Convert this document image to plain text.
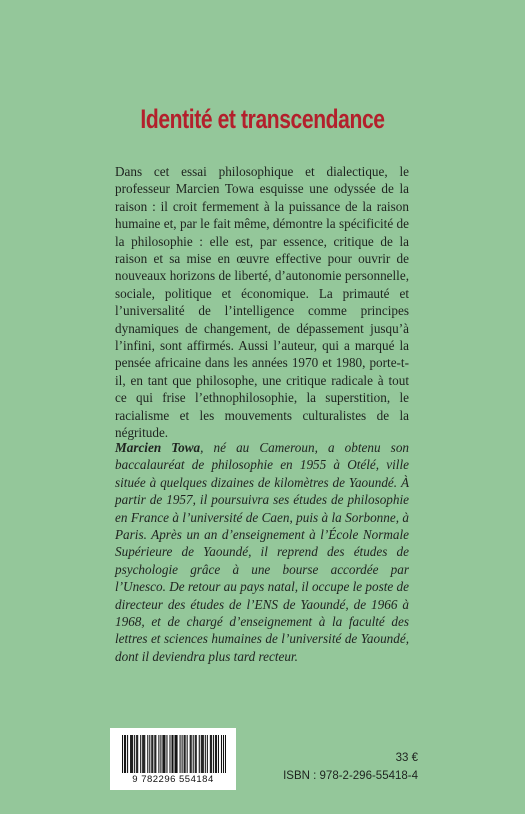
Identité et transcendance

Dans cet essai philosophique et dialectique, le professeur Marcien Towa esquisse une odyssée de la raison : il croit fermement à la puissance de la raison humaine et, par le fait même, démontre la spécificité de la philosophie : elle est, par essence, critique de la raison et sa mise en œuvre effective pour ouvrir de nouveaux horizons de liberté, d’autonomie personnelle, sociale, politique et économique. La primauté et l’universalité de l’intelligence comme principes dynamiques de changement, de dépassement jusqu’à l’infini, sont affirmés. Aussi l’auteur, qui a marqué la pensée africaine dans les années 1970 et 1980, porte-t-il, en tant que philosophe, une critique radicale à tout ce qui frise l’ethnophilosophie, la superstition, le racialisme et les mouvements culturalistes de la négritude.

Marcien Towa, né au Cameroun, a obtenu son baccalauréat de philosophie en 1955 à Otélé, ville située à quelques dizaines de kilomètres de Yaoundé. À partir de 1957, il poursuivra ses études de philosophie en France à l’université de Caen, puis à la Sorbonne, à Paris. Après un an d’enseignement à l’École Normale Supérieure de Yaoundé, il reprend des études de psychologie grâce à une bourse accordée par l’Unesco. De retour au pays natal, il occupe le poste de directeur des études de l’ENS de Yaoundé, de 1966 à 1968, et de chargé d’enseignement à la faculté des lettres et sciences humaines de l’université de Yaoundé, dont il deviendra plus tard recteur.

9 782296 554184
33 €
ISBN : 978-2-296-55418-4
